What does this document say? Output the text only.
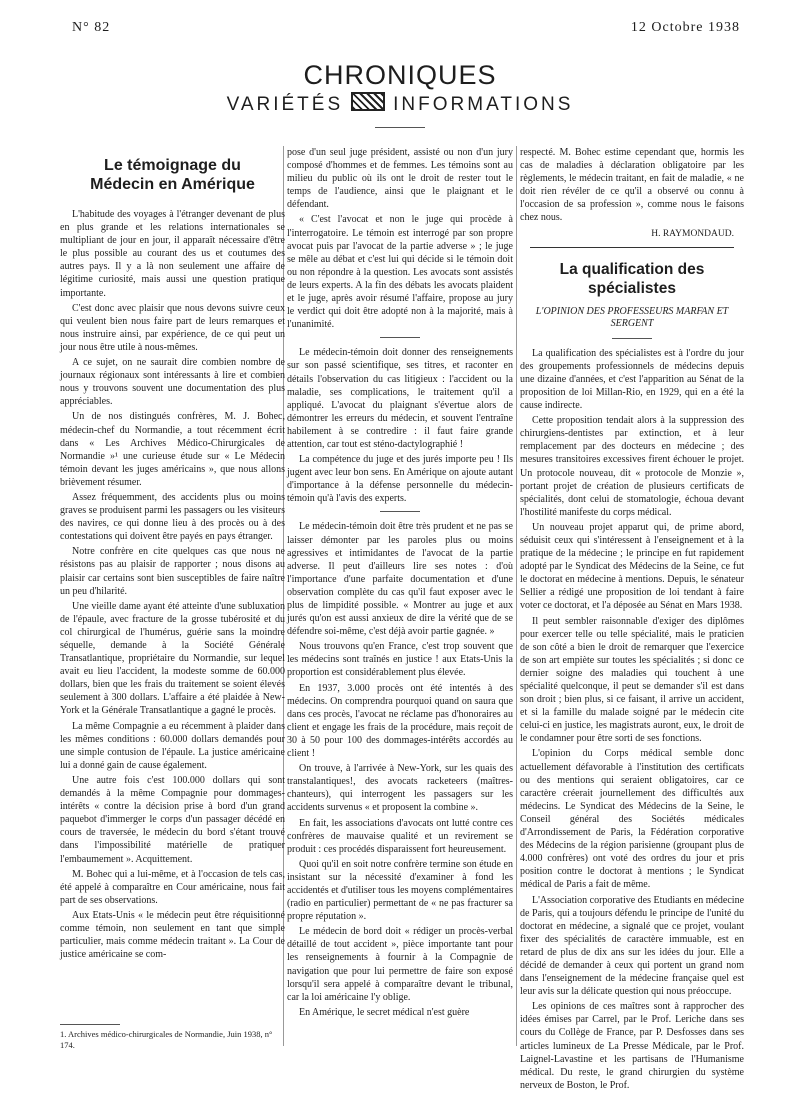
N° 82	12 Octobre 1938
CHRONIQUES
VARIÉTÉS	INFORMATIONS
Le témoignage du Médecin en Amérique

L'habitude des voyages à l'étranger devenant de plus en plus grande et les relations internationales se multipliant de jour en jour, il apparaît nécessaire d'être le plus possible au courant des us et coutumes des autres pays. Il y a là non seulement une affaire de légitime curiosité, mais aussi une question pratique importante.

C'est donc avec plaisir que nous devons suivre ceux qui veulent bien nous faire part de leurs remarques et nous instruire ainsi, par expérience, de ce qui peut un jour nous être utile à nous-mêmes.

A ce sujet, on ne saurait dire combien nombre de journaux régionaux sont intéressants à lire et combien nous y trouvons souvent une documentation des plus appréciables.

Un de nos distingués confrères, M. J. Bohec, médecin-chef du Normandie, a tout récemment écrit dans « Les Archives Médico-Chirurgicales de Normandie »¹ une curieuse étude sur « Le Médecin témoin devant les juges américains », que nous allons brièvement résumer.

Assez fréquemment, des accidents plus ou moins graves se produisent parmi les passagers ou les visiteurs des navires, ce qui donne lieu à des procès ou à des contestations qui doivent être payés en pays étranger.

Notre confrère en cite quelques cas que nous ne résistons pas au plaisir de rapporter ; nous disons au plaisir car certains sont bien susceptibles de faire naître un peu d'hilarité.

Une vieille dame ayant été atteinte d'une subluxation de l'épaule, avec fracture de la grosse tubérosité et du col chirurgical de l'humérus, guérie sans la moindre séquelle, demande à la Société Générale Transatlantique, propriétaire du Normandie, sur lequel avait eu lieu l'accident, la modeste somme de 60.000 dollars, bien que les frais du traitement se soient élevés seulement à 300 dollars. L'affaire a été plaidée à New-York et la Générale Transatlantique a gagné le procès.

La même Compagnie a eu récemment à plaider dans les mêmes conditions : 60.000 dollars demandés pour une simple contusion de l'épaule. La justice américaine lui a donné gain de cause également.

Une autre fois c'est 100.000 dollars qui sont demandés à la même Compagnie pour dommages-intérêts « contre la décision prise à bord d'un grand paquebot d'immerger le corps d'un passager décédé en cours de traversée, le médecin du bord s'étant trouvé dans l'impossibilité matérielle de pratiquer l'embaumement ». Acquittement.

M. Bohec qui a lui-même, et à l'occasion de tels cas, été appelé à comparaître en Cour américaine, nous fait part de ses observations.

Aux Etats-Unis « le médecin peut être réquisitionné comme témoin, non seulement en tant que simple particulier, mais comme médecin traitant ». La Cour de justice américaine se com-

1. Archives médico-chirurgicales de Normandie, Juin 1938, n° 174.

pose d'un seul juge président, assisté ou non d'un jury composé d'hommes et de femmes. Les témoins sont au milieu du public où ils ont le droit de rester tout le temps de l'audience, ainsi que le plaignant et le défendant.

« C'est l'avocat et non le juge qui procède à l'interrogatoire. Le témoin est interrogé par son propre avocat puis par l'avocat de la partie adverse » ; le juge se mêle au débat et c'est lui qui décide si le témoin doit ou non répondre à la question. Les avocats sont assistés de leurs experts. A la fin des débats les avocats plaident et le juge, après avoir résumé l'affaire, propose au jury le verdict qui doit être adopté non à la majorité, mais à l'unanimité.

Le médecin-témoin doit donner des renseignements sur son passé scientifique, ses titres, et raconter en détails l'observation du cas litigieux : l'accident ou la maladie, ses complications, le traitement qu'il a appliqué. L'avocat du plaignant s'évertue alors de démontrer les erreurs du médecin, et souvent l'entraîne habilement à se contredire : il faut faire grande attention, car tout est sténo-dactylographié !

La compétence du juge et des jurés importe peu ! Ils jugent avec leur bon sens. En Amérique on ajoute autant d'importance à la défense personnelle du médecin-témoin qu'à l'avis des experts.

Le médecin-témoin doit être très prudent et ne pas se laisser démonter par les paroles plus ou moins agressives et intimidantes de l'avocat de la partie adverse. Il peut d'ailleurs lire ses notes : d'où l'importance d'une parfaite documentation et d'une observation complète du cas qu'il faut exposer avec le plus de limpidité possible. « Montrer au juge et aux jurés qu'on est aussi anxieux de dire la vérité que de se défendre soi-même, c'est déjà avoir partie gagnée. »

Nous trouvons qu'en France, c'est trop souvent que les médecins sont traînés en justice ! aux Etats-Unis la proportion est considérablement plus élevée.

En 1937, 3.000 procès ont été intentés à des médecins. On comprendra pourquoi quand on saura que dans ces procès, l'avocat ne réclame pas d'honoraires au client et engage les frais de la procédure, mais reçoit de 30 à 50 pour 100 des dommages-intérêts accordés au client !

On trouve, à l'arrivée à New-York, sur les quais des transtalantiques!, des avocats racketeers (maîtres-chanteurs), qui interrogent les passagers sur les accidents survenus « et proposent la combine ».

En fait, les associations d'avocats ont lutté contre ces confrères de mauvaise qualité et un revirement se produit : ces procédés disparaissent fort heureusement.

Quoi qu'il en soit notre confrère termine son étude en insistant sur la nécessité d'examiner à fond les accidentés et d'utiliser tous les moyens complémentaires (radio en particulier) permettant de « ne pas fracturer sa propre réputation ».

Le médecin de bord doit « rédiger un procès-verbal détaillé de tout accident », pièce importante tant pour les renseignements à fournir à la Compagnie de navigation que pour lui permettre de faire son exposé lorsqu'il sera appelé à comparaître devant le tribunal, car la loi américaine l'y oblige.

En Amérique, le secret médical n'est guère

respecté. M. Bohec estime cependant que, hormis les cas de maladies à déclaration obligatoire par les règlements, le médecin traitant, en fait de maladie, « ne doit rien révéler de ce qu'il a observé ou connu à l'occasion de sa profession », comme nous le faisons chez nous.

H. RAYMONDAUD.
La qualification des spécialistes
L'OPINION DES PROFESSEURS MARFAN ET SERGENT

La qualification des spécialistes est à l'ordre du jour des groupements professionnels de médecins depuis une dizaine d'années, et c'est l'apparition au Sénat de la proposition de loi Millan-Rio, en 1929, qui en a été la cause indirecte.

Cette proposition tendait alors à la suppression des chirurgiens-dentistes par extinction, et à leur remplacement par des docteurs en médecine ; des mesures transitoires excessives firent échouer le projet. Un protocole nouveau, dit « protocole de Monzie », portant projet de création de plusieurs certificats de spécialités, dont celui de stomatologie, échoua devant l'hostilité manifeste du corps médical.

Un nouveau projet apparut qui, de prime abord, séduisit ceux qui s'intéressent à l'enseignement et à la pratique de la médecine ; le principe en fut rapidement adopté par le Syndicat des Médecins de la Seine, ce fut le doctorat en médecine à mentions. Depuis, le sénateur Sellier a rédigé une proposition de loi tendant à faire voter ce doctorat, et l'a déposée au Sénat en Mars 1938.

Il peut sembler raisonnable d'exiger des diplômes pour exercer telle ou telle spécialité, mais le praticien de son côté a bien le droit de remarquer que l'exercice de son art empiète sur toutes les spécialités ; si donc ce dernier soigne des maladies qui touchent à une spécialité quelconque, il peut se demander s'il est dans son droit ; bien plus, si ce faisant, il arrive un accident, et si la famille du malade soigné par le médecin cite celui-ci en justice, les magistrats auront, eux, le droit de le condamner pour être sorti de ses fonctions.

L'opinion du Corps médical semble donc actuellement défavorable à l'institution des certificats ou des mentions qui seraient obligatoires, car ce caractère créerait journellement des difficultés aux médecins. Le Syndicat des Médecins de la Seine, le Conseil général des Sociétés médicales d'Arrondissement de Paris, la Fédération corporative des Médecins de la région parisienne (groupant plus de 4.000 confrères) ont voté des ordres du jour et pris position contre le doctorat à mentions ; le Syndicat médical de Paris a fait de même.

L'Association corporative des Etudiants en médecine de Paris, qui a toujours défendu le principe de l'unité du doctorat en médecine, a signalé que ce projet, voulant fixer des spécialités de caractère immuable, est en retard de plus de dix ans sur les idées du jour. Elle a décidé de demander à ceux qui portent un grand nom dans l'enseignement de la médecine française quel est leur avis sur la délicate question qui nous préoccupe.

Les opinions de ces maîtres sont à rapprocher des idées émises par Carrel, par le Prof. Leriche dans ses cours du Collège de France, par P. Desfosses dans ses articles lumineux de La Presse Médicale, par le Prof. Laignel-Lavastine et les partisans de l'Humanisme médical. Du reste, le grand chirurgien du système nerveux de Boston, le Prof.
